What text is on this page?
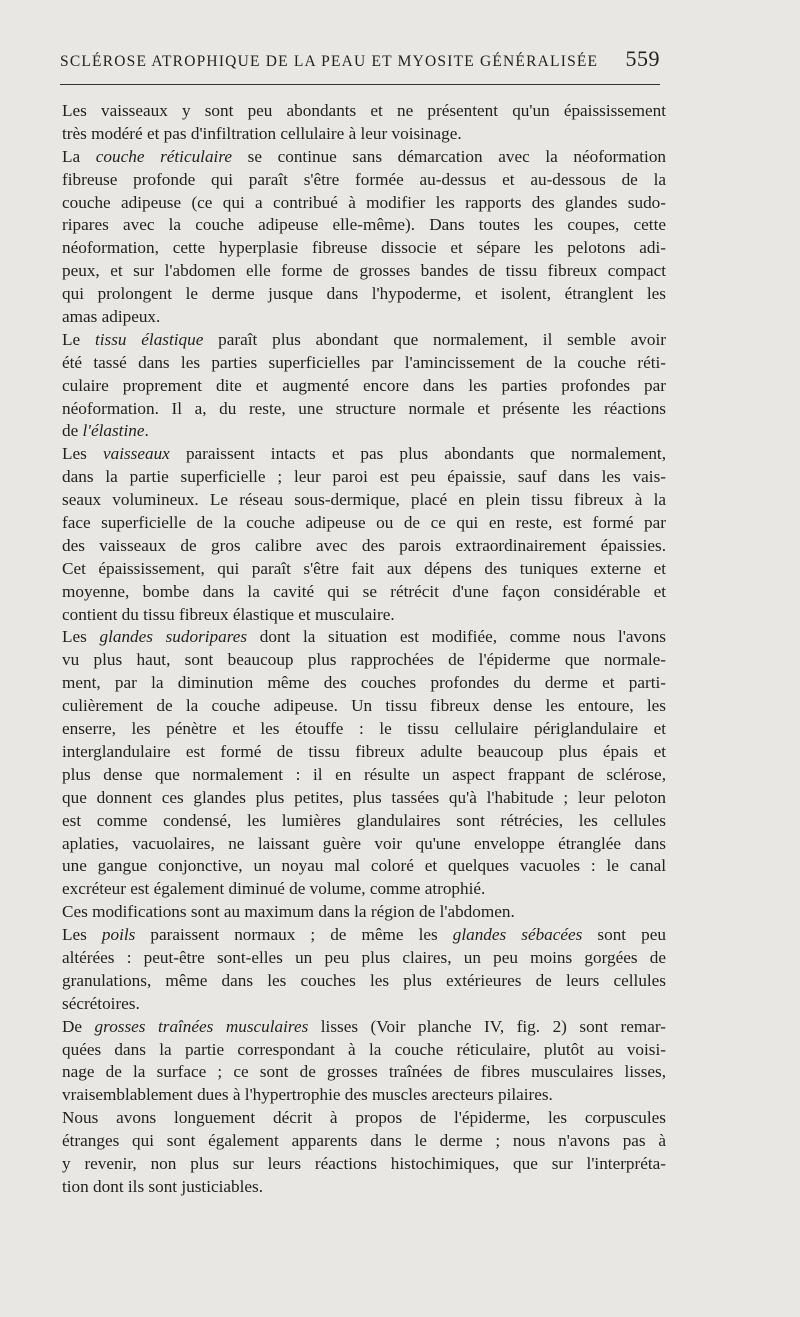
SCLÉROSE ATROPHIQUE DE LA PEAU ET MYOSITE GÉNÉRALISÉE 559
Les vaisseaux y sont peu abondants et ne présentent qu'un épaississement
très modéré et pas d'infiltration cellulaire à leur voisinage.
La couche réticulaire se continue sans démarcation avec la néoformation
fibreuse profonde qui paraît s'être formée au-dessus et au-dessous de la
couche adipeuse (ce qui a contribué à modifier les rapports des glandes sudo-
ripares avec la couche adipeuse elle-même). Dans toutes les coupes, cette
néoformation, cette hyperplasie fibreuse dissocie et sépare les pelotons adi-
peux, et sur l'abdomen elle forme de grosses bandes de tissu fibreux compact
qui prolongent le derme jusque dans l'hypoderme, et isolent, étranglent les
amas adipeux.
Le tissu élastique paraît plus abondant que normalement, il semble avoir
été tassé dans les parties superficielles par l'amincissement de la couche réti-
culaire proprement dite et augmenté encore dans les parties profondes par
néoformation. Il a, du reste, une structure normale et présente les réactions
de l'élastine.
Les vaisseaux paraissent intacts et pas plus abondants que normalement,
dans la partie superficielle ; leur paroi est peu épaissie, sauf dans les vais-
seaux volumineux. Le réseau sous-dermique, placé en plein tissu fibreux à la
face superficielle de la couche adipeuse ou de ce qui en reste, est formé par
des vaisseaux de gros calibre avec des parois extraordinairement épaissies.
Cet épaississement, qui paraît s'être fait aux dépens des tuniques externe et
moyenne, bombe dans la cavité qui se rétrécit d'une façon considérable et
contient du tissu fibreux élastique et musculaire.
Les glandes sudoripares dont la situation est modifiée, comme nous l'avons
vu plus haut, sont beaucoup plus rapprochées de l'épiderme que normale-
ment, par la diminution même des couches profondes du derme et parti-
culièrement de la couche adipeuse. Un tissu fibreux dense les entoure, les
enserre, les pénètre et les étouffe : le tissu cellulaire périglandulaire et
interglandulaire est formé de tissu fibreux adulte beaucoup plus épais et
plus dense que normalement : il en résulte un aspect frappant de sclérose,
que donnent ces glandes plus petites, plus tassées qu'à l'habitude ; leur peloton
est comme condensé, les lumières glandulaires sont rétrécies, les cellules
aplaties, vacuolaires, ne laissant guère voir qu'une enveloppe étranglée dans
une gangue conjonctive, un noyau mal coloré et quelques vacuoles : le canal
excréteur est également diminué de volume, comme atrophié.
Ces modifications sont au maximum dans la région de l'abdomen.
Les poils paraissent normaux ; de même les glandes sébacées sont peu
altérées : peut-être sont-elles un peu plus claires, un peu moins gorgées de
granulations, même dans les couches les plus extérieures de leurs cellules
sécrétoires.
De grosses traînées musculaires lisses (Voir planche IV, fig. 2) sont remar-
quées dans la partie correspondant à la couche réticulaire, plutôt au voisi-
nage de la surface ; ce sont de grosses traînées de fibres musculaires lisses,
vraisemblablement dues à l'hypertrophie des muscles arecteurs pilaires.
Nous avons longuement décrit à propos de l'épiderme, les corpuscules
étranges qui sont également apparents dans le derme ; nous n'avons pas à
y revenir, non plus sur leurs réactions histochimiques, que sur l'interpréta-
tion dont ils sont justiciables.
